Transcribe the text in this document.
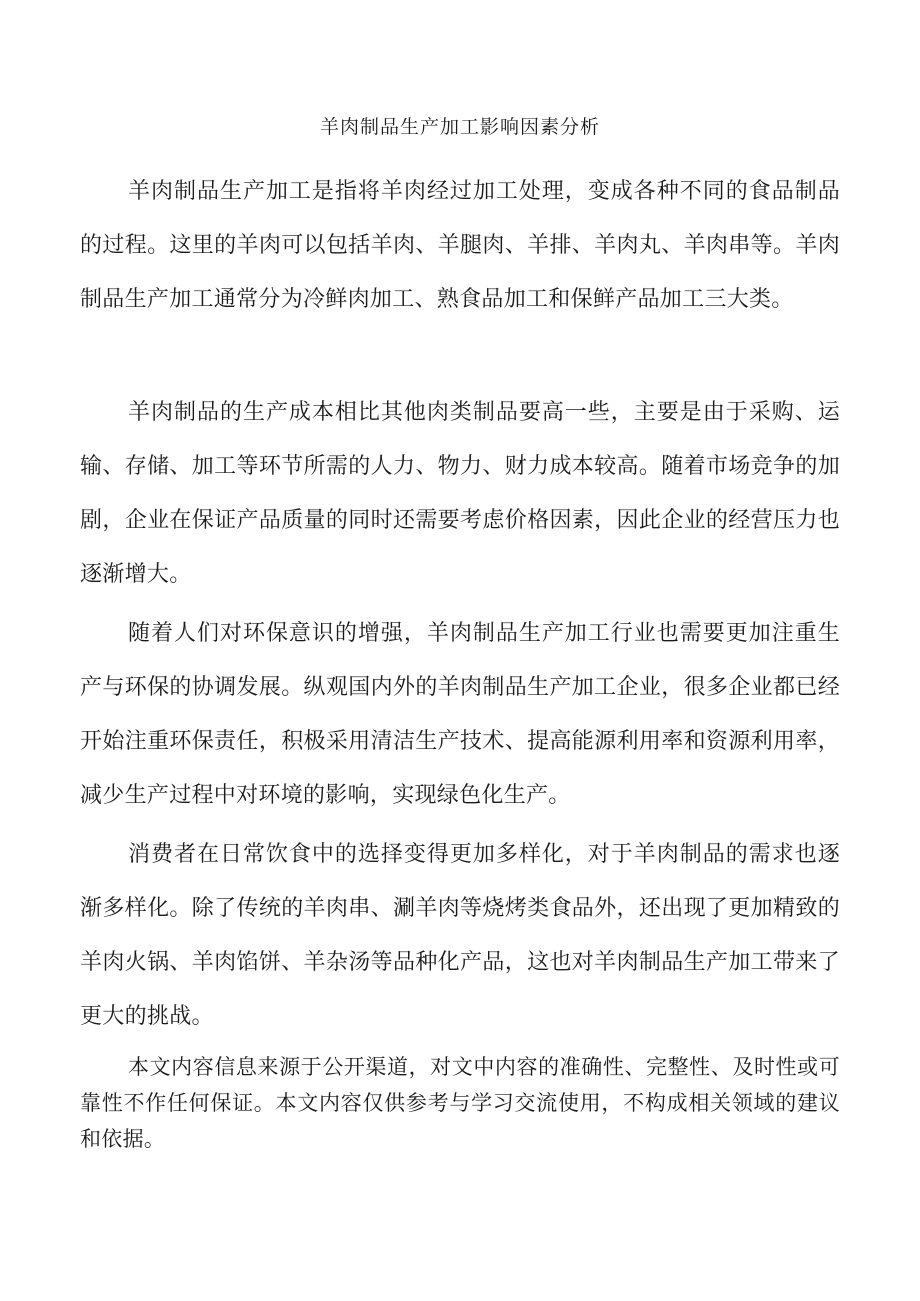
羊肉制品生产加工影响因素分析

羊肉制品生产加工是指将羊肉经过加工处理，变成各种不同的食品制品的过程。这里的羊肉可以包括羊肉、羊腿肉、羊排、羊肉丸、羊肉串等。羊肉制品生产加工通常分为冷鲜肉加工、熟食品加工和保鲜产品加工三大类。

羊肉制品的生产成本相比其他肉类制品要高一些，主要是由于采购、运输、存储、加工等环节所需的人力、物力、财力成本较高。随着市场竞争的加剧，企业在保证产品质量的同时还需要考虑价格因素，因此企业的经营压力也逐渐增大。

随着人们对环保意识的增强，羊肉制品生产加工行业也需要更加注重生产与环保的协调发展。纵观国内外的羊肉制品生产加工企业，很多企业都已经开始注重环保责任，积极采用清洁生产技术、提高能源利用率和资源利用率，减少生产过程中对环境的影响，实现绿色化生产。

消费者在日常饮食中的选择变得更加多样化，对于羊肉制品的需求也逐渐多样化。除了传统的羊肉串、涮羊肉等烧烤类食品外，还出现了更加精致的羊肉火锅、羊肉馅饼、羊杂汤等品种化产品，这也对羊肉制品生产加工带来了更大的挑战。

本文内容信息来源于公开渠道，对文中内容的准确性、完整性、及时性或可靠性不作任何保证。本文内容仅供参考与学习交流使用，不构成相关领域的建议和依据。
